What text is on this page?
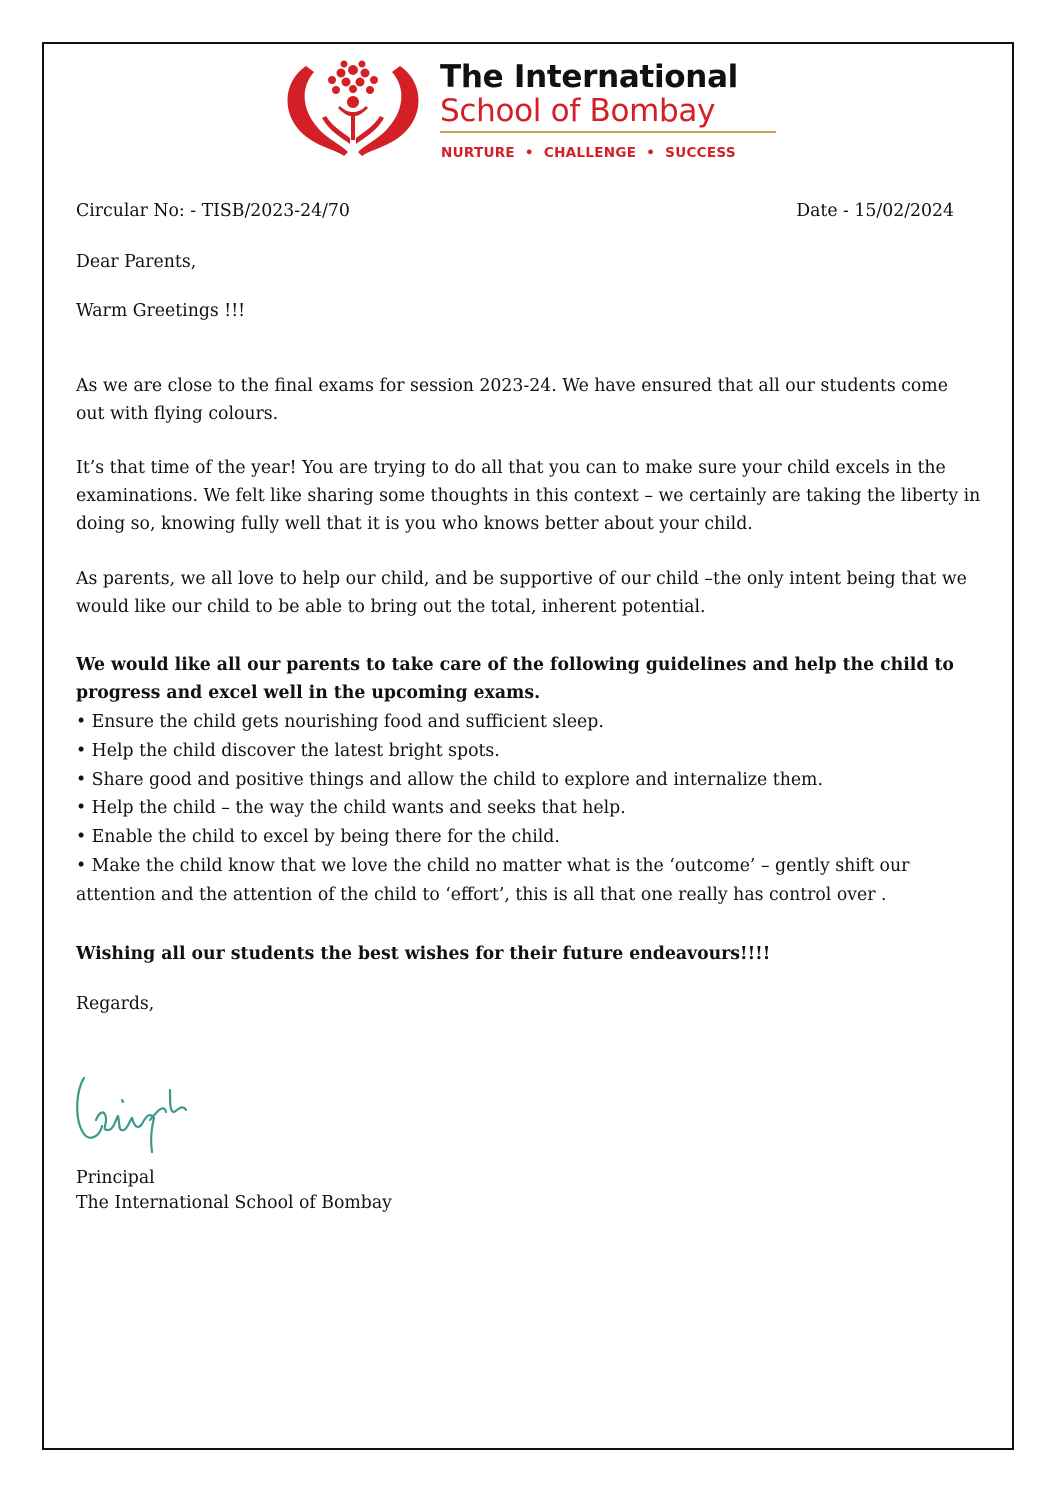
The International
School of Bombay
NURTURE  •  CHALLENGE  •  SUCCESS
Circular No: - TISB/2023-24/70	Date - 15/02/2024
Dear Parents,
Warm Greetings !!!
As we are close to the final exams for session 2023-24. We have ensured that all our students come out with flying colours.
It’s that time of the year! You are trying to do all that you can to make sure your child excels in the examinations. We felt like sharing some thoughts in this context – we certainly are taking the liberty in doing so, knowing fully well that it is you who knows better about your child.
As parents, we all love to help our child, and be supportive of our child –the only intent being that we would like our child to be able to bring out the total, inherent potential.
We would like all our parents to take care of the following guidelines and help the child to progress and excel well in the upcoming exams.
• Ensure the child gets nourishing food and sufficient sleep.
• Help the child discover the latest bright spots.
• Share good and positive things and allow the child to explore and internalize them.
• Help the child – the way the child wants and seeks that help.
• Enable the child to excel by being there for the child.
• Make the child know that we love the child no matter what is the ‘outcome’ – gently shift our attention and the attention of the child to ‘effort’, this is all that one really has control over .
Wishing all our students the best wishes for their future endeavours!!!!
Regards,
Principal
The International School of Bombay
